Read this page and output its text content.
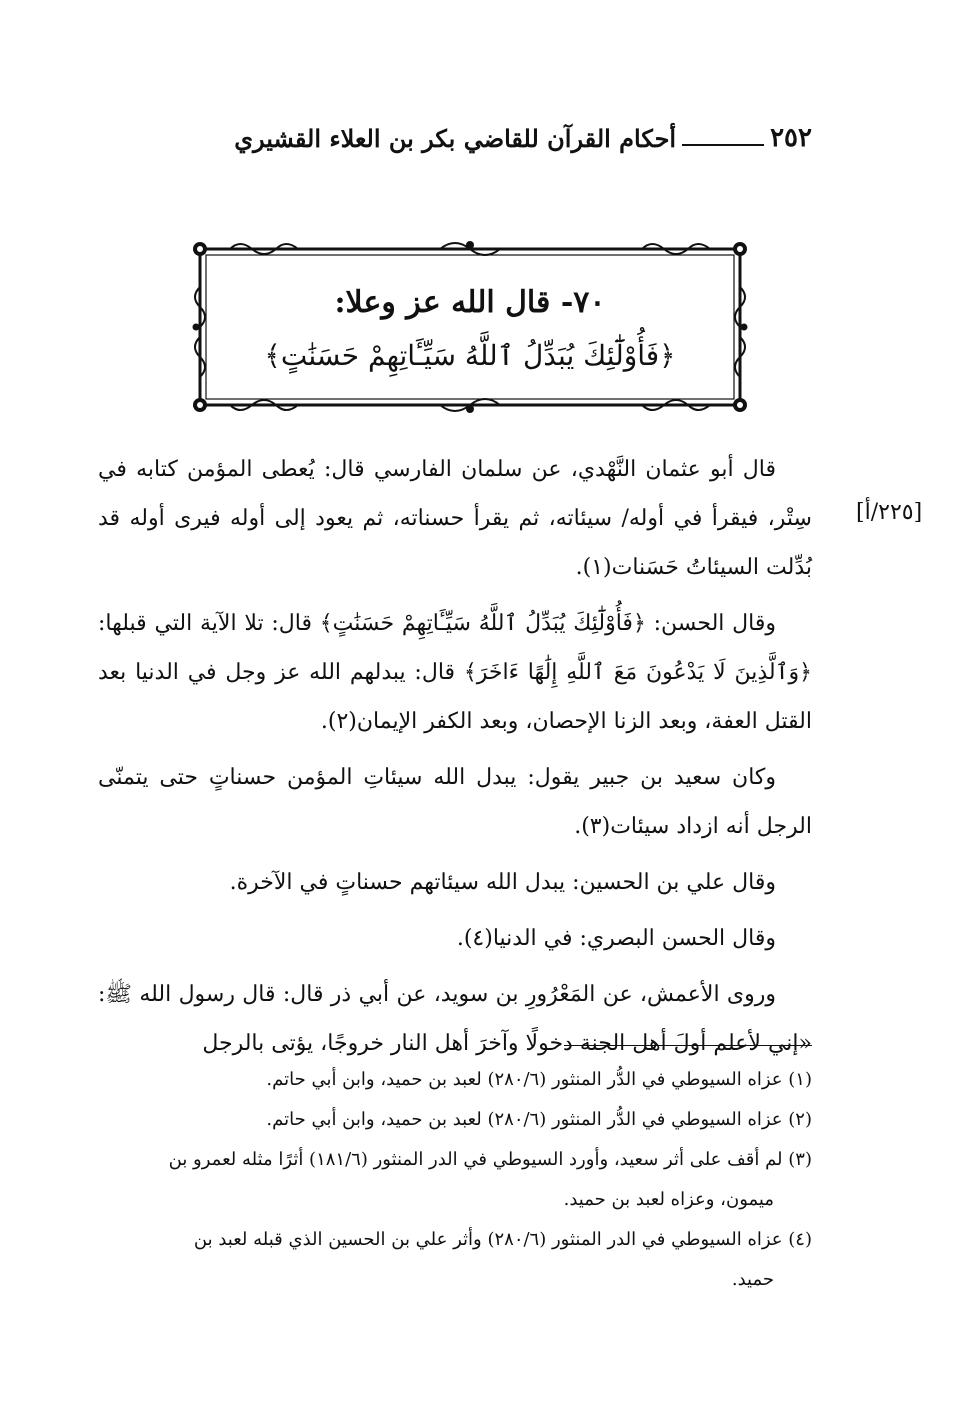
٢٥٢
أحكام القرآن للقاضي بكر بن العلاء القشيري
٧٠- قال الله عز وعلا:
﴿فَأُوْلَٰٓئِكَ يُبَدِّلُ ٱللَّهُ سَيِّـَٔاتِهِمْ حَسَنَٰتٍ﴾
[٢٢٥/أ]

قال أبو عثمان النَّهْدي، عن سلمان الفارسي قال: يُعطى المؤمن كتابه في سِتْر، فيقرأ في أوله/ سيئاته، ثم يقرأ حسناته، ثم يعود إلى أوله فيرى أوله قد بُدِّلت السيئاتُ حَسَنات(١).

وقال الحسن: ﴿فَأُوْلَٰٓئِكَ يُبَدِّلُ ٱللَّهُ سَيِّـَٔاتِهِمْ حَسَنَٰتٍ﴾ قال: تلا الآية التي قبلها: ﴿وَٱلَّذِينَ لَا يَدْعُونَ مَعَ ٱللَّهِ إِلَٰهًا ءَاخَرَ﴾ قال: يبدلهم الله عز وجل في الدنيا بعد القتل العفة، وبعد الزنا الإحصان، وبعد الكفر الإيمان(٢).

وكان سعيد بن جبير يقول: يبدل الله سيئاتِ المؤمن حسناتٍ حتى يتمنّى الرجل أنه ازداد سيئات(٣).

وقال علي بن الحسين: يبدل الله سيئاتهم حسناتٍ في الآخرة.

وقال الحسن البصري: في الدنيا(٤).

وروى الأعمش، عن المَعْرُورِ بن سويد، عن أبي ذر قال: قال رسول الله ﷺ: «إني لأعلم أولَ أهل الجنة دخولًا وآخرَ أهل النار خروجًا، يؤتى بالرجل

(١) عزاه السيوطي في الدُّر المنثور (٢٨٠/٦) لعبد بن حميد، وابن أبي حاتم.

(٢) عزاه السيوطي في الدُّر المنثور (٢٨٠/٦) لعبد بن حميد، وابن أبي حاتم.

(٣) لم أقف على أثر سعيد، وأورد السيوطي في الدر المنثور (١٨١/٦) أثرًا مثله لعمرو بن

ميمون، وعزاه لعبد بن حميد.

(٤) عزاه السيوطي في الدر المنثور (٢٨٠/٦) وأثر علي بن الحسين الذي قبله لعبد بن

حميد.
